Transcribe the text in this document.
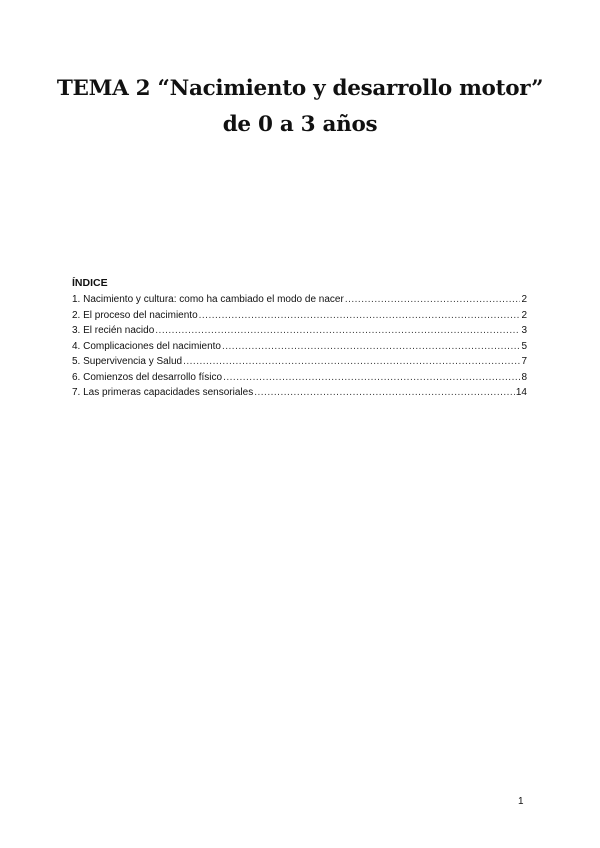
TEMA 2 “Nacimiento y desarrollo motor”
de 0 a 3 años
ÍNDICE
1. Nacimiento y cultura: como ha cambiado el modo de nacer .....	2
2. El proceso del nacimiento .....	2
3. El recién nacido .....	3
4. Complicaciones del nacimiento .....	5
5. Supervivencia y Salud .....	7
6. Comienzos del desarrollo físico .....	8
7. Las primeras capacidades sensoriales .....	14
1
